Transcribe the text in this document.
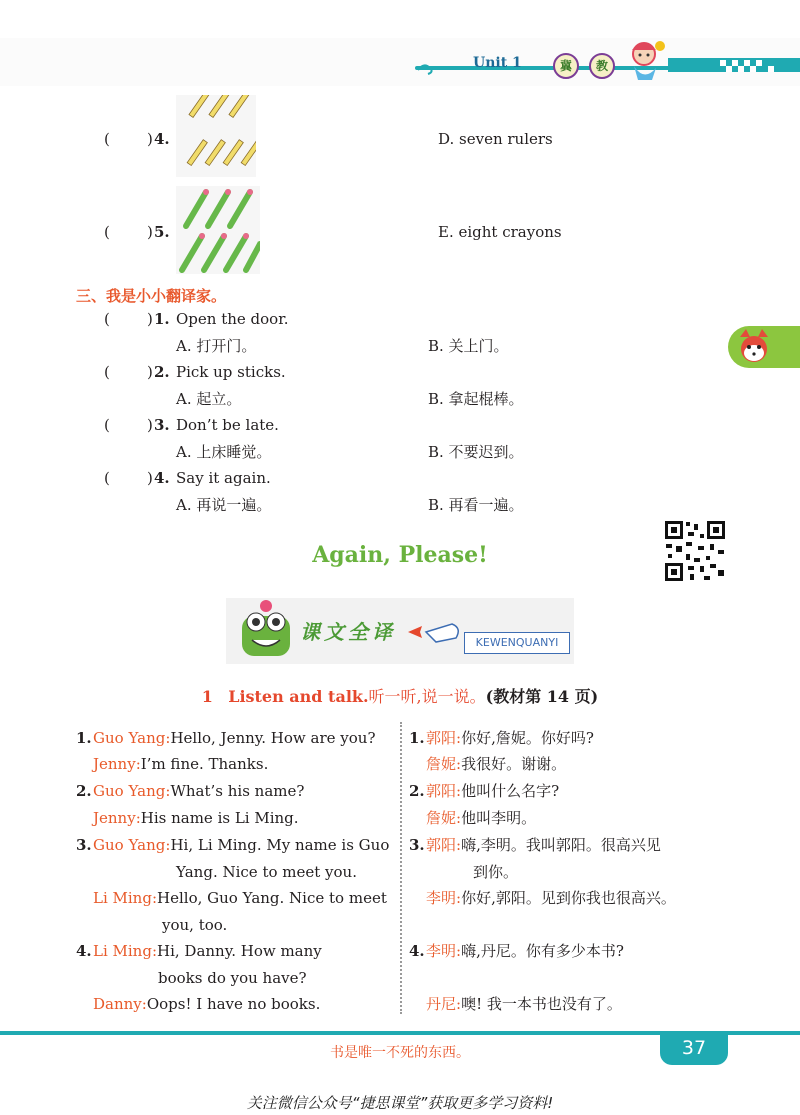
Unit 1	冀	教
( ) 4.	D. seven rulers
( ) 5.	E. eight crayons
三、我是小小翻译家。
( ) 1. Open the door.
A. 打开门。	B. 关上门。
( ) 2. Pick up sticks.
A. 起立。	B. 拿起棍棒。
( ) 3. Don’t be late.
A. 上床睡觉。	B. 不要迟到。
( ) 4. Say it again.
A. 再说一遍。	B. 再看一遍。
Again, Please!
课文全译	KEWENQUANYI
1 Listen and talk.听一听,说一说。(教材第 14 页)
1. Guo Yang:Hello, Jenny. How are you?
Jenny:I’m fine. Thanks.
2. Guo Yang:What’s his name?
Jenny:His name is Li Ming.
3. Guo Yang:Hi, Li Ming. My name is Guo
Yang. Nice to meet you.
Li Ming:Hello, Guo Yang. Nice to meet
you, too.
4. Li Ming:Hi, Danny. How many
books do you have?
Danny:Oops! I have no books.
1. 郭阳:你好,詹妮。你好吗?
詹妮:我很好。谢谢。
2. 郭阳:他叫什么名字?
詹妮:他叫李明。
3. 郭阳:嗨,李明。我叫郭阳。很高兴见
到你。
李明:你好,郭阳。见到你我也很高兴。
4. 李明:嗨,丹尼。你有多少本书?
丹尼:噢! 我一本书也没有了。
37
书是唯一不死的东西。
关注微信公众号“捷思课堂”获取更多学习资料!
